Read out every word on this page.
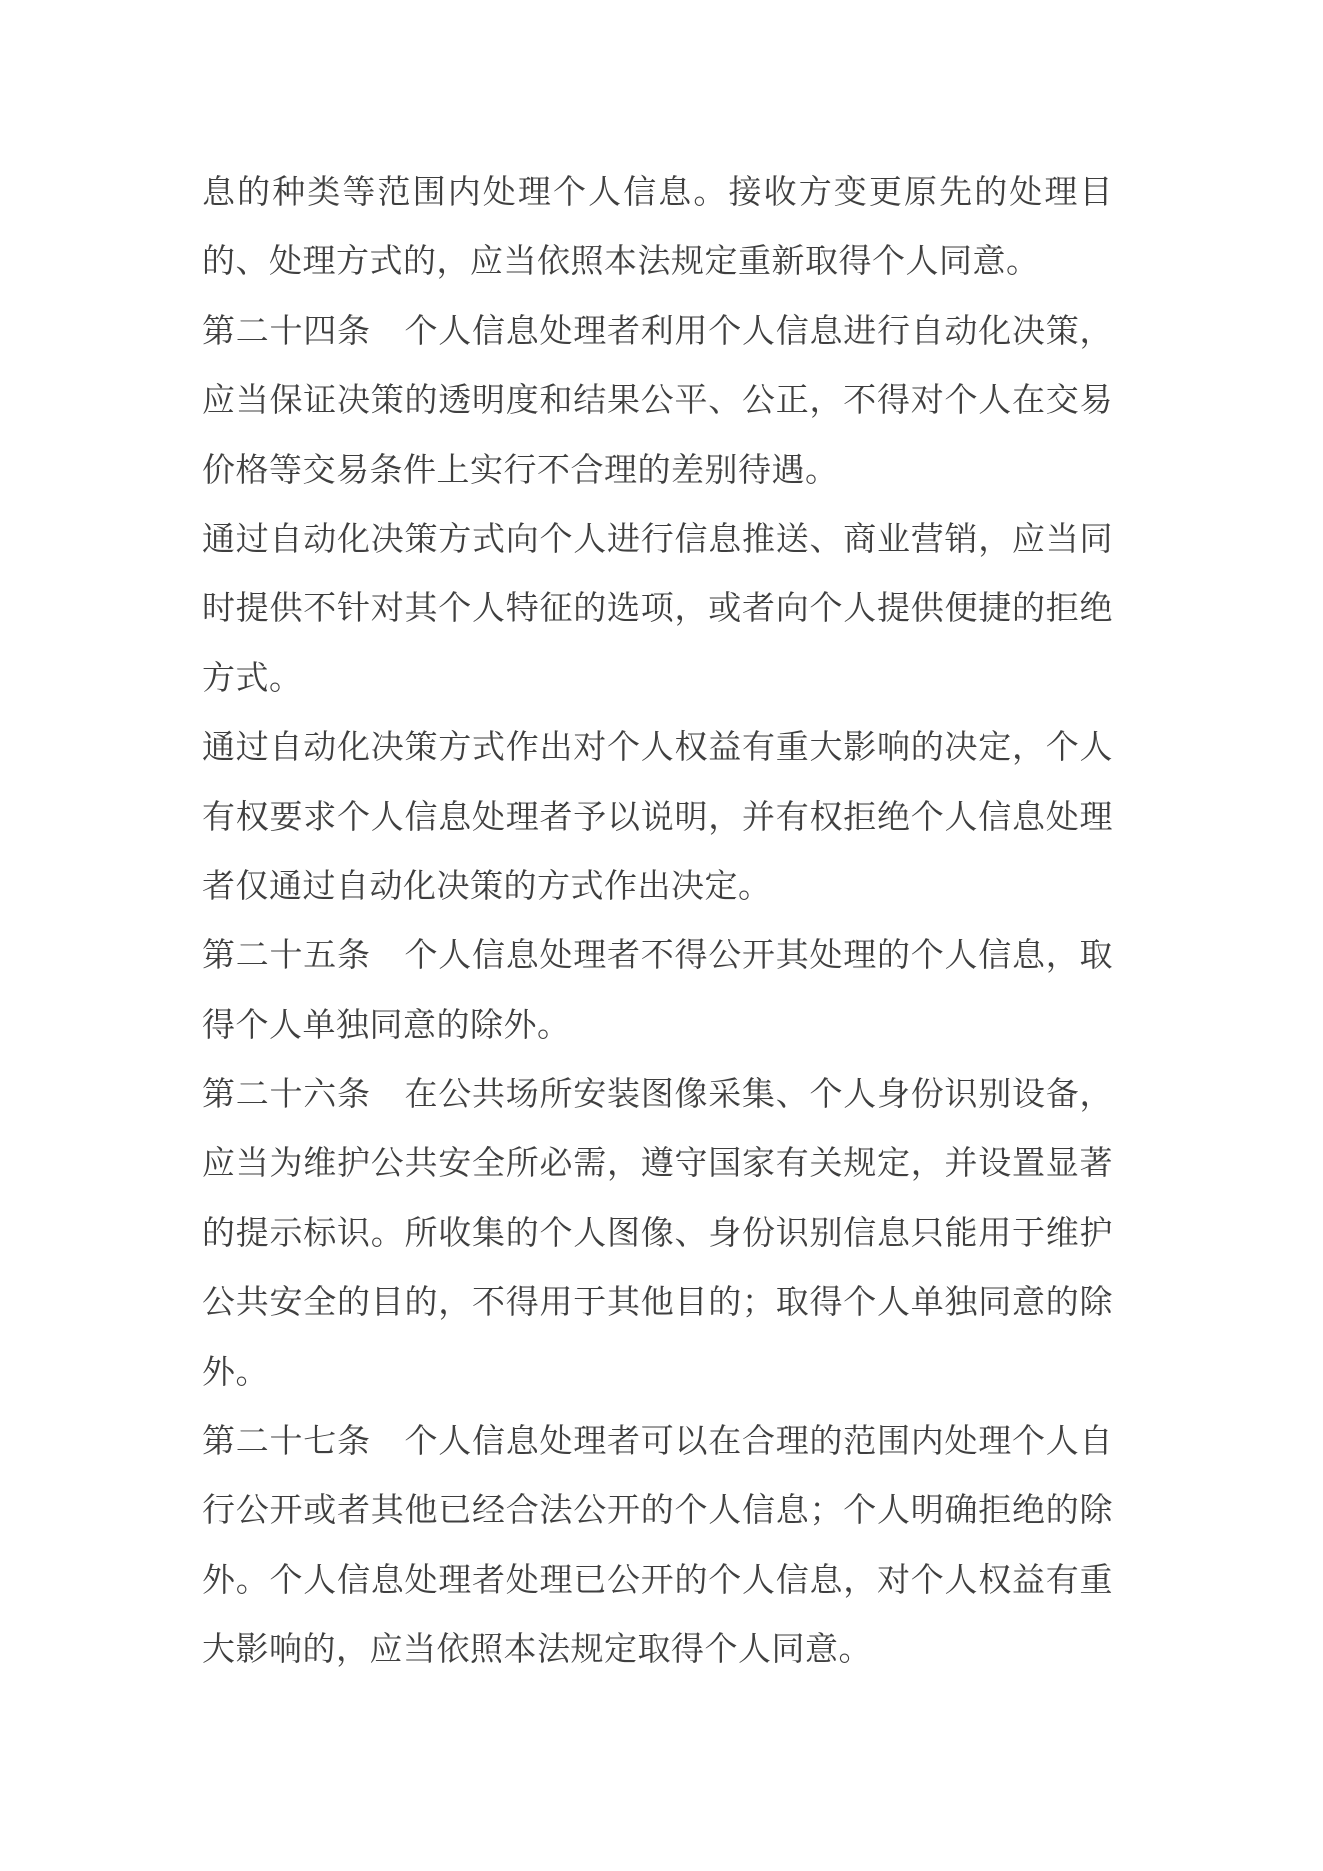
息的种类等范围内处理个人信息。接收方变更原先的处理目
的、处理方式的，应当依照本法规定重新取得个人同意。
第二十四条　个人信息处理者利用个人信息进行自动化决策，
应当保证决策的透明度和结果公平、公正，不得对个人在交易
价格等交易条件上实行不合理的差别待遇。
通过自动化决策方式向个人进行信息推送、商业营销，应当同
时提供不针对其个人特征的选项，或者向个人提供便捷的拒绝
方式。
通过自动化决策方式作出对个人权益有重大影响的决定，个人
有权要求个人信息处理者予以说明，并有权拒绝个人信息处理
者仅通过自动化决策的方式作出决定。
第二十五条　个人信息处理者不得公开其处理的个人信息，取
得个人单独同意的除外。
第二十六条　在公共场所安装图像采集、个人身份识别设备，
应当为维护公共安全所必需，遵守国家有关规定，并设置显著
的提示标识。所收集的个人图像、身份识别信息只能用于维护
公共安全的目的，不得用于其他目的；取得个人单独同意的除
外。
第二十七条　个人信息处理者可以在合理的范围内处理个人自
行公开或者其他已经合法公开的个人信息；个人明确拒绝的除
外。个人信息处理者处理已公开的个人信息，对个人权益有重
大影响的，应当依照本法规定取得个人同意。
